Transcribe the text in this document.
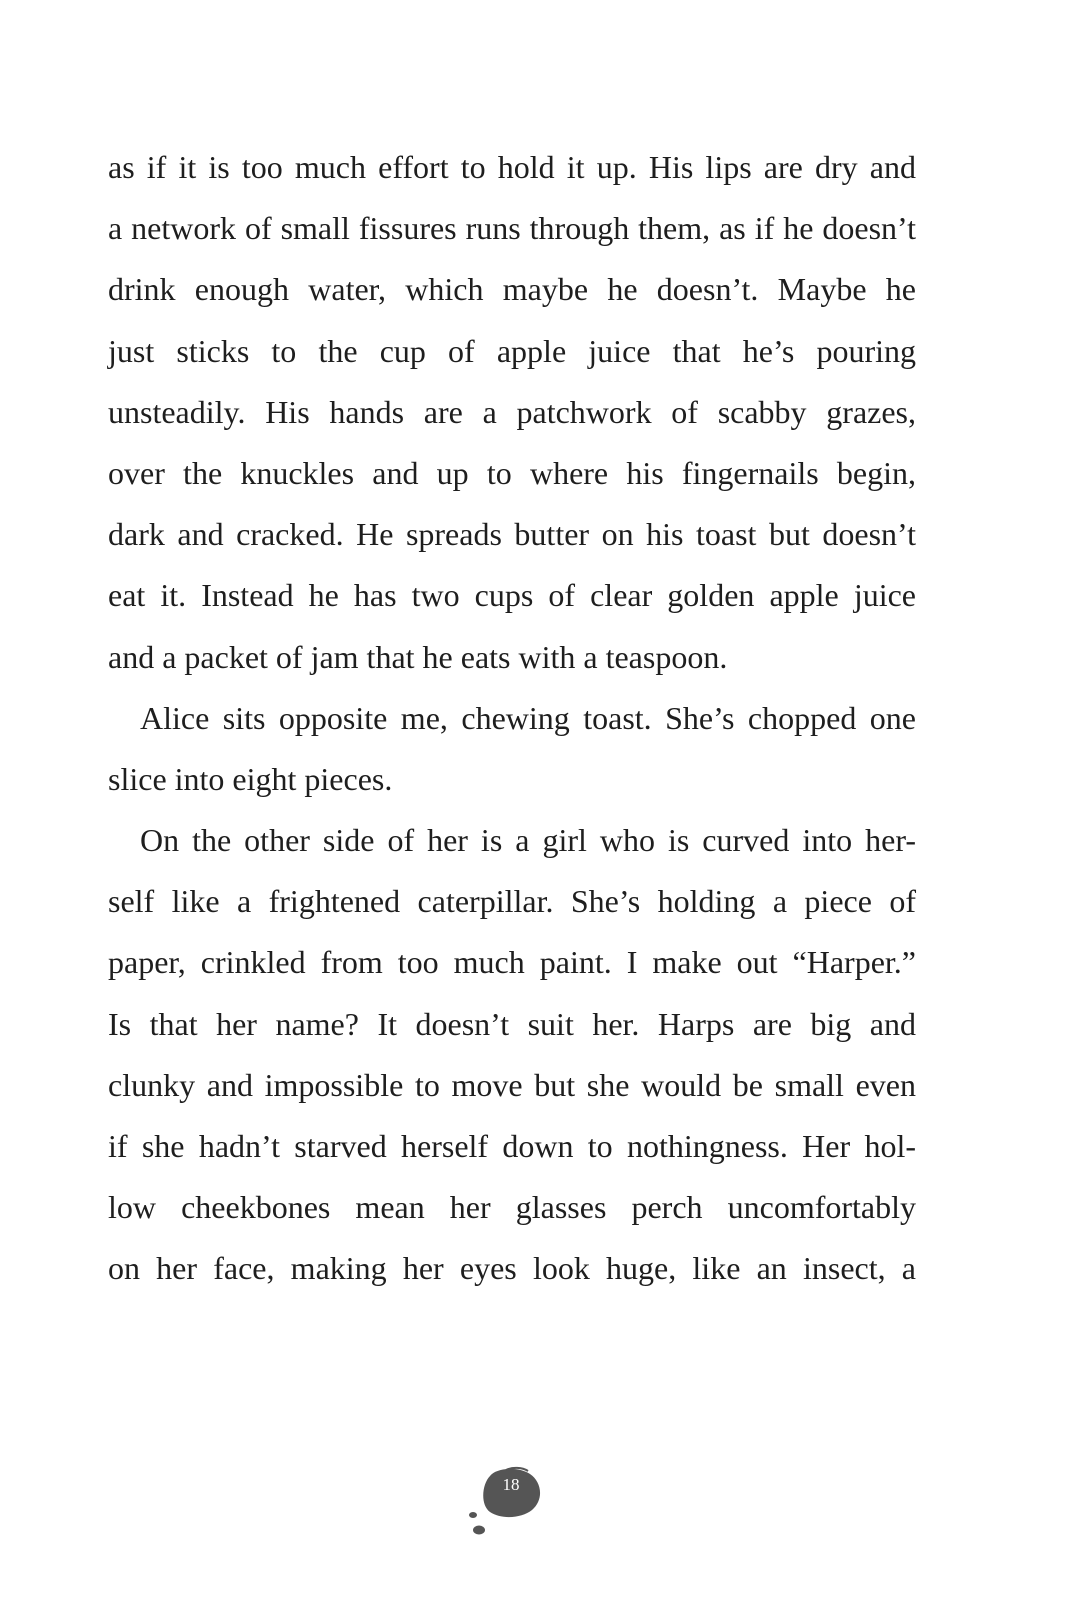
as if it is too much effort to hold it up. His lips are dry and
a network of small fissures runs through them, as if he doesn’t
drink enough water, which maybe he doesn’t. Maybe he
just sticks to the cup of apple juice that he’s pouring
unsteadily. His hands are a patchwork of scabby grazes,
over the knuckles and up to where his fingernails begin,
dark and cracked. He spreads butter on his toast but doesn’t
eat it. Instead he has two cups of clear golden apple juice
and a packet of jam that he eats with a teaspoon.
Alice sits opposite me, chewing toast. She’s chopped one
slice into eight pieces.
On the other side of her is a girl who is curved into her-
self like a frightened caterpillar. She’s holding a piece of
paper, crinkled from too much paint. I make out “Harper.”
Is that her name? It doesn’t suit her. Harps are big and
clunky and impossible to move but she would be small even
if she hadn’t starved herself down to nothingness. Her hol-
low cheekbones mean her glasses perch uncomfortably
on her face, making her eyes look huge, like an insect, a
18
